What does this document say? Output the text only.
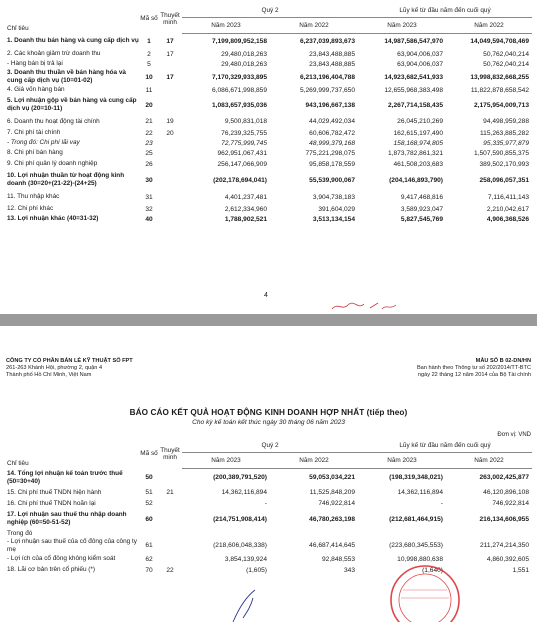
Chỉ tiêu	Mã số	Thuyết minh	Quý 2		Lũy kế từ đầu năm đến cuối quý	
			Năm 2023	Năm 2022	Năm 2023	Năm 2022
1. Doanh thu bán hàng và cung cấp dịch vụ	1	17	7,199,809,952,158	6,237,039,893,673	14,987,586,547,970	14,049,594,708,469
2. Các khoản giảm trừ doanh thu	2	17	29,480,018,263	23,843,488,885	63,904,006,037	50,762,040,214
- Hàng bán bị trả lại	5		29,480,018,263	23,843,488,885	63,904,006,037	50,762,040,214
3. Doanh thu thuần về bán hàng hóa và cung cấp dịch vụ (10=01-02)	10	17	7,170,329,933,895	6,213,196,404,788	14,923,682,541,933	13,998,832,668,255
4. Giá vốn hàng bán	11		6,086,671,998,859	5,269,999,737,650	12,655,968,383,498	11,822,878,658,542
5. Lợi nhuận gộp về bán hàng và cung cấp dịch vụ (20=10-11)	20		1,083,657,935,036	943,196,667,138	2,267,714,158,435	2,175,954,009,713
6. Doanh thu hoạt động tài chính	21	19	9,500,831,018	44,029,492,034	26,045,210,269	94,498,959,288
7. Chi phí tài chính	22	20	76,239,325,755	60,606,782,472	162,615,197,490	115,263,885,282
- Trong đó: Chi phí lãi vay	23		72,775,999,745	48,999,379,168	158,168,974,805	95,335,977,879
8. Chi phí bán hàng	25		962,951,067,431	775,221,298,075	1,873,782,861,321	1,507,590,855,375
9. Chi phí quản lý doanh nghiệp	26		256,147,066,909	95,858,178,559	461,508,203,683	389,502,170,993
10. Lợi nhuận thuần từ hoạt động kinh doanh (30=20+(21-22)-(24+25)	30		(202,178,694,041)	55,539,900,067	(204,146,893,790)	258,096,057,351
11. Thu nhập khác	31		4,401,237,481	3,904,738,183	9,417,468,816	7,116,411,143
12. Chi phí khác	32		2,612,334,960	391,604,029	3,589,923,047	2,210,042,617
13. Lợi nhuận khác (40=31-32)	40		1,788,902,521	3,513,134,154	5,827,545,769	4,906,368,526
4
CÔNG TY CỔ PHẦN BÁN LẺ KỸ THUẬT SỐ FPT
261-263 Khánh Hội, phường 2, quận 4
Thành phố Hồ Chí Minh, Việt Nam
MẪU SỐ B 02-DN/HN
Ban hành theo Thông tư số 202/2014/TT-BTC
ngày 22 tháng 12 năm 2014 của Bộ Tài chính
BÁO CÁO KẾT QUẢ HOẠT ĐỘNG KINH DOANH HỢP NHẤT (tiếp theo)
Cho kỳ kế toán kết thúc ngày 30 tháng 06 năm 2023
Đơn vị: VND
Chỉ tiêu	Mã số	Thuyết minh	Quý 2		Lũy kế từ đầu năm đến cuối quý	
			Năm 2023	Năm 2022	Năm 2023	Năm 2022
14. Tổng lợi nhuận kế toán trước thuế (50=30+40)	50		(200,389,791,520)	59,053,034,221	(198,319,348,021)	263,002,425,877
15. Chi phí thuế TNDN hiện hành	51	21	14,362,116,894	11,525,848,209	14,362,116,894	46,120,896,108
16. Chi phí thuế TNDN hoãn lại	52		-	746,922,814	-	746,922,814
17. Lợi nhuận sau thuế thu nhập doanh nghiệp (60=50-51-52)	60		(214,751,908,414)	46,780,263,198	(212,681,464,915)	216,134,606,955
Trong đó						
- Lợi nhuận sau thuế của cổ đông của công ty mẹ	61		(218,606,048,338)	46,687,414,645	(223,680,345,553)	211,274,214,350
- Lợi ích của cổ đông không kiểm soát	62		3,854,139,924	92,848,553	10,998,880,638	4,860,392,605
18. Lãi cơ bản trên cổ phiếu (*)	70	22	(1,605)	343	(1,640)	1,551
